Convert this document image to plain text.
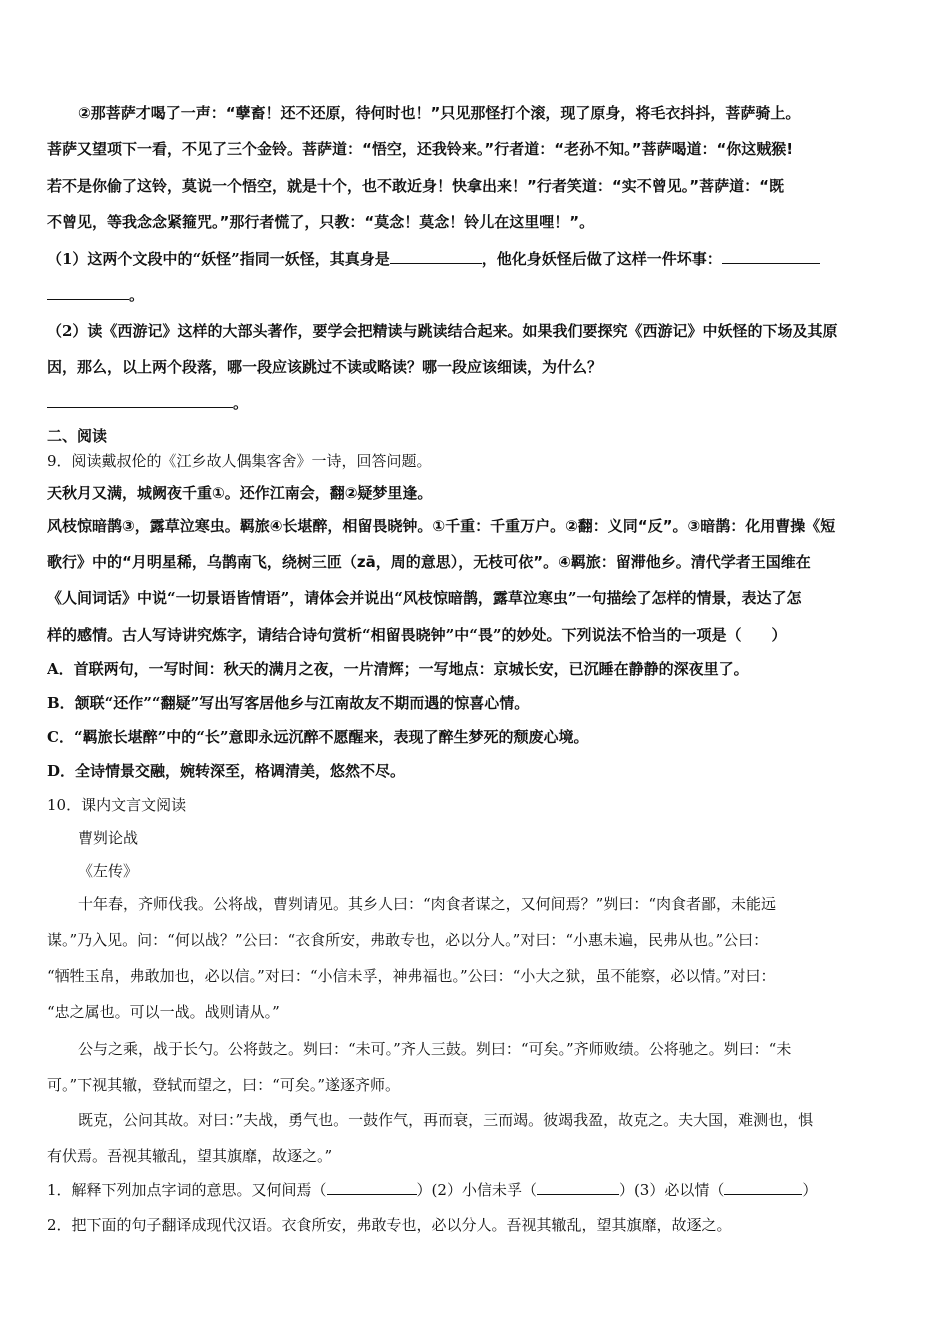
②那菩萨才喝了一声：“孽畜！还不还原，待何时也！”只见那怪打个滚，现了原身，将毛衣抖抖，菩萨骑上。
菩萨又望项下一看，不见了三个金铃。菩萨道：“悟空，还我铃来。”行者道：“老孙不知。”菩萨喝道：“你这贼猴!
若不是你偷了这铃，莫说一个悟空，就是十个，也不敢近身！快拿出来！”行者笑道：“实不曾见。”菩萨道：“既
不曾见，等我念念紧箍咒。”那行者慌了，只教：“莫念！莫念！铃儿在这里哩！”。
（1）这两个文段中的“妖怪”指同一妖怪，其真身是	，他化身妖怪后做了这样一件坏事：
。
（2）读《西游记》这样的大部头著作，要学会把精读与跳读结合起来。如果我们要探究《西游记》中妖怪的下场及其原
因，那么，以上两个段落，哪一段应该跳过不读或略读？哪一段应该细读，为什么？
。
二、阅读
9．阅读戴叔伦的《江乡故人偶集客舍》一诗，回答问题。
天秋月又满，城阙夜千重①。还作江南会，翻②疑梦里逢。
风枝惊暗鹊③，露草泣寒虫。羁旅④长堪醉，相留畏晓钟。①千重：千重万户。②翻：义同“反”。③暗鹊：化用曹操《短
歌行》中的“月明星稀，乌鹊南飞，绕树三匝（zā，周的意思），无枝可依”。④羁旅：留滞他乡。清代学者王国维在
《人间词话》中说“一切景语皆情语”，请体会并说出“风枝惊暗鹊，露草泣寒虫”一句描绘了怎样的情景，表达了怎
样的感情。古人写诗讲究炼字，请结合诗句赏析“相留畏晓钟”中“畏”的妙处。下列说法不恰当的一项是（　　）
A．首联两句，一写时间：秋天的满月之夜，一片清辉；一写地点：京城长安，已沉睡在静静的深夜里了。
B．颔联“还作”“翻疑”写出写客居他乡与江南故友不期而遇的惊喜心情。
C．“羁旅长堪醉”中的“长”意即永远沉醉不愿醒来，表现了醉生梦死的颓废心境。
D．全诗情景交融，婉转深至，格调清美，悠然不尽。
10．课内文言文阅读
曹刿论战
《左传》
十年春，齐师伐我。公将战，曹刿请见。其乡人曰：“肉食者谋之，又何间焉？”刿曰：“肉食者鄙，未能远
谋。”乃入见。问：“何以战？”公曰：“衣食所安，弗敢专也，必以分人。”对曰：“小惠未遍，民弗从也。”公曰：
“牺牲玉帛，弗敢加也，必以信。”对曰：“小信未孚，神弗福也。”公曰：“小大之狱，虽不能察，必以情。”对曰：
“忠之属也。可以一战。战则请从。”
公与之乘，战于长勺。公将鼓之。刿曰：“未可。”齐人三鼓。刿曰：“可矣。”齐师败绩。公将驰之。刿曰：“未
可。”下视其辙，登轼而望之，曰：“可矣。”遂逐齐师。
既克，公问其故。对曰：”夫战，勇气也。一鼓作气，再而衰，三而竭。彼竭我盈，故克之。夫大国，难测也，惧
有伏焉。吾视其辙乱，望其旗靡，故逐之。”
1．解释下列加点字词的意思。又何间焉（	）(2）小信未孚（	）(3）必以情（	）
2．把下面的句子翻译成现代汉语。衣食所安，弗敢专也，必以分人。吾视其辙乱，望其旗靡，故逐之。
